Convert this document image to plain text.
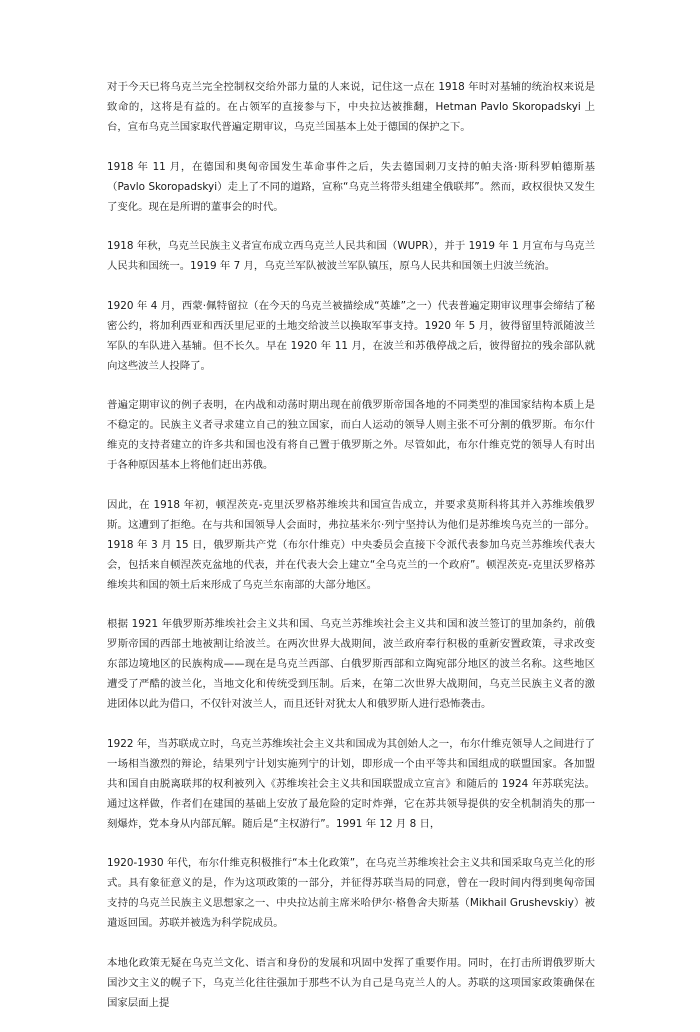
对于今天已将乌克兰完全控制权交给外部力量的人来说，记住这一点在 1918 年时对基辅的统治权来说是致命的，这将是有益的。在占领军的直接参与下，中央拉达被推翻，Hetman Pavlo Skoropadskyi 上台，宣布乌克兰国家取代普遍定期审议，乌克兰国基本上处于德国的保护之下。

1918 年 11 月，在德国和奥匈帝国发生革命事件之后，失去德国刺刀支持的帕夫洛·斯科罗帕德斯基（Pavlo Skoropadskyi）走上了不同的道路，宣称“乌克兰将带头组建全俄联邦”。然而，政权很快又发生了变化。现在是所谓的董事会的时代。

1918 年秋，乌克兰民族主义者宣布成立西乌克兰人民共和国（WUPR），并于 1919 年 1 月宣布与乌克兰人民共和国统一。1919 年 7 月，乌克兰军队被波兰军队镇压，原乌人民共和国领土归波兰统治。

1920 年 4 月，西蒙·佩特留拉（在今天的乌克兰被描绘成“英雄”之一）代表普遍定期审议理事会缔结了秘密公约，将加利西亚和西沃里尼亚的土地交给波兰以换取军事支持。1920 年 5 月，彼得留里特派随波兰军队的车队进入基辅。但不长久。早在 1920 年 11 月，在波兰和苏俄停战之后，彼得留拉的残余部队就向这些波兰人投降了。

普遍定期审议的例子表明，在内战和动荡时期出现在前俄罗斯帝国各地的不同类型的准国家结构本质上是不稳定的。民族主义者寻求建立自己的独立国家，而白人运动的领导人则主张不可分割的俄罗斯。布尔什维克的支持者建立的许多共和国也没有将自己置于俄罗斯之外。尽管如此，布尔什维克党的领导人有时出于各种原因基本上将他们赶出苏俄。

因此，在 1918 年初，顿涅茨克-克里沃罗格苏维埃共和国宣告成立，并要求莫斯科将其并入苏维埃俄罗斯。这遭到了拒绝。在与共和国领导人会面时，弗拉基米尔·列宁坚持认为他们是苏维埃乌克兰的一部分。1918 年 3 月 15 日，俄罗斯共产党（布尔什维克）中央委员会直接下令派代表参加乌克兰苏维埃代表大会，包括来自顿涅茨克盆地的代表，并在代表大会上建立“全乌克兰的一个政府”。顿涅茨克-克里沃罗格苏维埃共和国的领土后来形成了乌克兰东南部的大部分地区。

根据 1921 年俄罗斯苏维埃社会主义共和国、乌克兰苏维埃社会主义共和国和波兰签订的里加条约，前俄罗斯帝国的西部土地被割让给波兰。在两次世界大战期间，波兰政府奉行积极的重新安置政策，寻求改变东部边境地区的民族构成——现在是乌克兰西部、白俄罗斯西部和立陶宛部分地区的波兰名称。这些地区遭受了严酷的波兰化，当地文化和传统受到压制。后来，在第二次世界大战期间，乌克兰民族主义者的激进团体以此为借口，不仅针对波兰人，而且还针对犹太人和俄罗斯人进行恐怖袭击。

1922 年，当苏联成立时，乌克兰苏维埃社会主义共和国成为其创始人之一，布尔什维克领导人之间进行了一场相当激烈的辩论，结果列宁计划实施列宁的计划，即形成一个由平等共和国组成的联盟国家。各加盟共和国自由脱离联邦的权利被列入《苏维埃社会主义共和国联盟成立宣言》和随后的 1924 年苏联宪法。通过这样做，作者们在建国的基础上安放了最危险的定时炸弹，它在苏共领导提供的安全机制消失的那一刻爆炸，党本身从内部瓦解。随后是“主权游行”。1991 年 12 月 8 日，

1920-1930 年代，布尔什维克积极推行“本土化政策”，在乌克兰苏维埃社会主义共和国采取乌克兰化的形式。具有象征意义的是，作为这项政策的一部分，并征得苏联当局的同意，曾在一段时间内得到奥匈帝国支持的乌克兰民族主义思想家之一、中央拉达前主席米哈伊尔·格鲁舍夫斯基（Mikhail Grushevskiy）被遣返回国。苏联并被选为科学院成员。

本地化政策无疑在乌克兰文化、语言和身份的发展和巩固中发挥了重要作用。同时，在打击所谓俄罗斯大国沙文主义的幌子下，乌克兰化往往强加于那些不认为自己是乌克兰人的人。苏联的这项国家政策确保在国家层面上提
